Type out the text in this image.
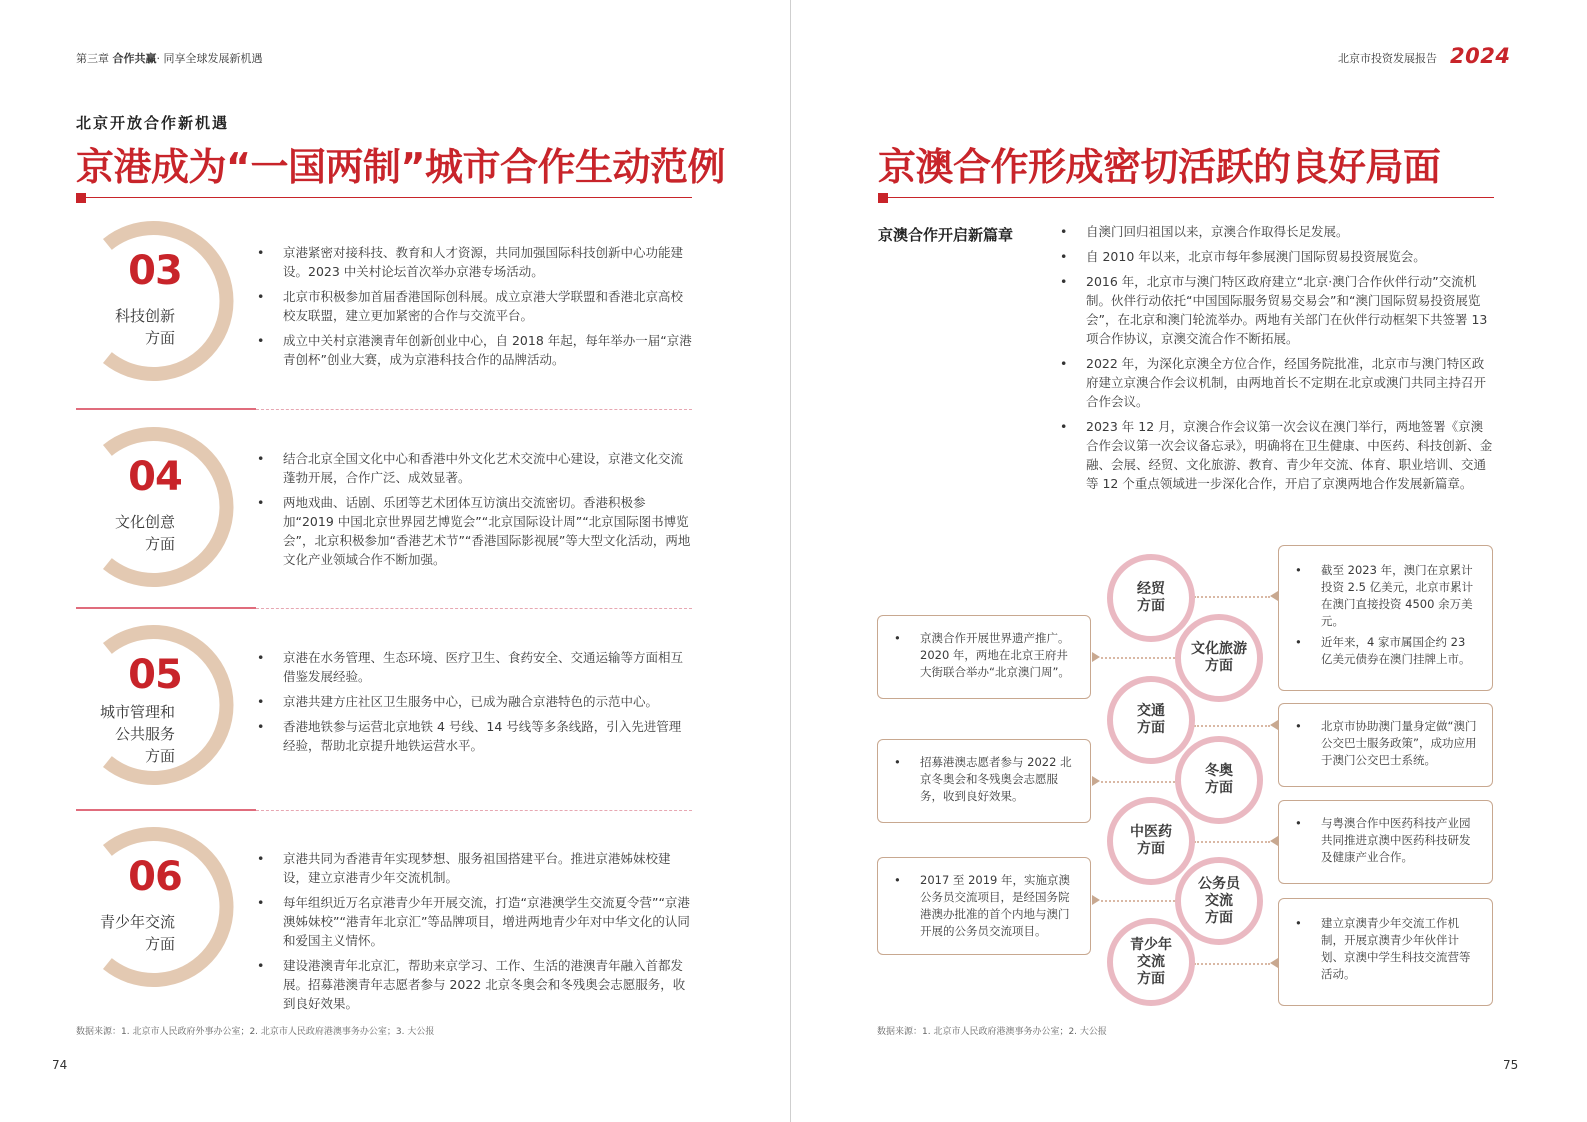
第三章 合作共赢· 同享全球发展新机遇	北京市投资发展报告 2024
北京开放合作新机遇
京港成为“一国两制”城市合作生动范例
03
科技创新
方面
• 京港紧密对接科技、教育和人才资源，共同加强国际科技创新中心功能建设。2023 中关村论坛首次举办京港专场活动。
• 北京市积极参加首届香港国际创科展。成立京港大学联盟和香港北京高校校友联盟，建立更加紧密的合作与交流平台。
• 成立中关村京港澳青年创新创业中心，自 2018 年起，每年举办一届“京港青创杯”创业大赛，成为京港科技合作的品牌活动。
04
文化创意
方面
• 结合北京全国文化中心和香港中外文化艺术交流中心建设，京港文化交流蓬勃开展，合作广泛、成效显著。
• 两地戏曲、话剧、乐团等艺术团体互访演出交流密切。香港积极参加“2019 中国北京世界园艺博览会”“北京国际设计周”“北京国际图书博览会”，北京积极参加“香港艺术节”“香港国际影视展”等大型文化活动，两地文化产业领域合作不断加强。
05
城市管理和
公共服务
方面
• 京港在水务管理、生态环境、医疗卫生、食药安全、交通运输等方面相互借鉴发展经验。
• 京港共建方庄社区卫生服务中心，已成为融合京港特色的示范中心。
• 香港地铁参与运营北京地铁 4 号线、14 号线等多条线路，引入先进管理经验，帮助北京提升地铁运营水平。
06
青少年交流
方面
• 京港共同为香港青年实现梦想、服务祖国搭建平台。推进京港姊妹校建设，建立京港青少年交流机制。
• 每年组织近万名京港青少年开展交流，打造“京港澳学生交流夏令营”“京港澳姊妹校”“港青年北京汇”等品牌项目，增进两地青少年对中华文化的认同和爱国主义情怀。
• 建设港澳青年北京汇，帮助来京学习、工作、生活的港澳青年融入首都发展。招募港澳青年志愿者参与 2022 北京冬奥会和冬残奥会志愿服务，收到良好效果。
数据来源：1. 北京市人民政府外事办公室；2. 北京市人民政府港澳事务办公室；3. 大公报
74
京澳合作形成密切活跃的良好局面
京澳合作开启新篇章	• 自澳门回归祖国以来，京澳合作取得长足发展。
• 自 2010 年以来，北京市每年参展澳门国际贸易投资展览会。
• 2016 年，北京市与澳门特区政府建立“北京·澳门合作伙伴行动”交流机制。伙伴行动依托“中国国际服务贸易交易会”和“澳门国际贸易投资展览会”，在北京和澳门轮流举办。两地有关部门在伙伴行动框架下共签署 13 项合作协议，京澳交流合作不断拓展。
• 2022 年，为深化京澳全方位合作，经国务院批准，北京市与澳门特区政府建立京澳合作会议机制，由两地首长不定期在北京或澳门共同主持召开合作会议。
• 2023 年 12 月，京澳合作会议第一次会议在澳门举行，两地签署《京澳合作会议第一次会议备忘录》，明确将在卫生健康、中医药、科技创新、金融、会展、经贸、文化旅游、教育、青少年交流、体育、职业培训、交通等 12 个重点领域进一步深化合作，开启了京澳两地合作发展新篇章。
• 京澳合作开展世界遗产推广。2020 年，两地在北京王府井大街联合举办“北京澳门周”。
• 招募港澳志愿者参与 2022 北京冬奥会和冬残奥会志愿服务，收到良好效果。
• 2017 至 2019 年，实施京澳公务员交流项目，是经国务院港澳办批准的首个内地与澳门开展的公务员交流项目。
• 截至 2023 年，澳门在京累计投资 2.5 亿美元，北京市累计在澳门直接投资 4500 余万美元。
• 近年来，4 家市属国企约 23 亿美元债券在澳门挂牌上市。
• 北京市协助澳门量身定做“澳门公交巴士服务政策”，成功应用于澳门公交巴士系统。
• 与粤澳合作中医药科技产业园共同推进京澳中医药科技研发及健康产业合作。
• 建立京澳青少年交流工作机制，开展京澳青少年伙伴计划、京澳中学生科技交流营等活动。
经贸
方面
文化旅游
方面
交通
方面
冬奥
方面
中医药
方面
公务员
交流
方面
青少年
交流
方面
数据来源：1. 北京市人民政府港澳事务办公室；2. 大公报
75
